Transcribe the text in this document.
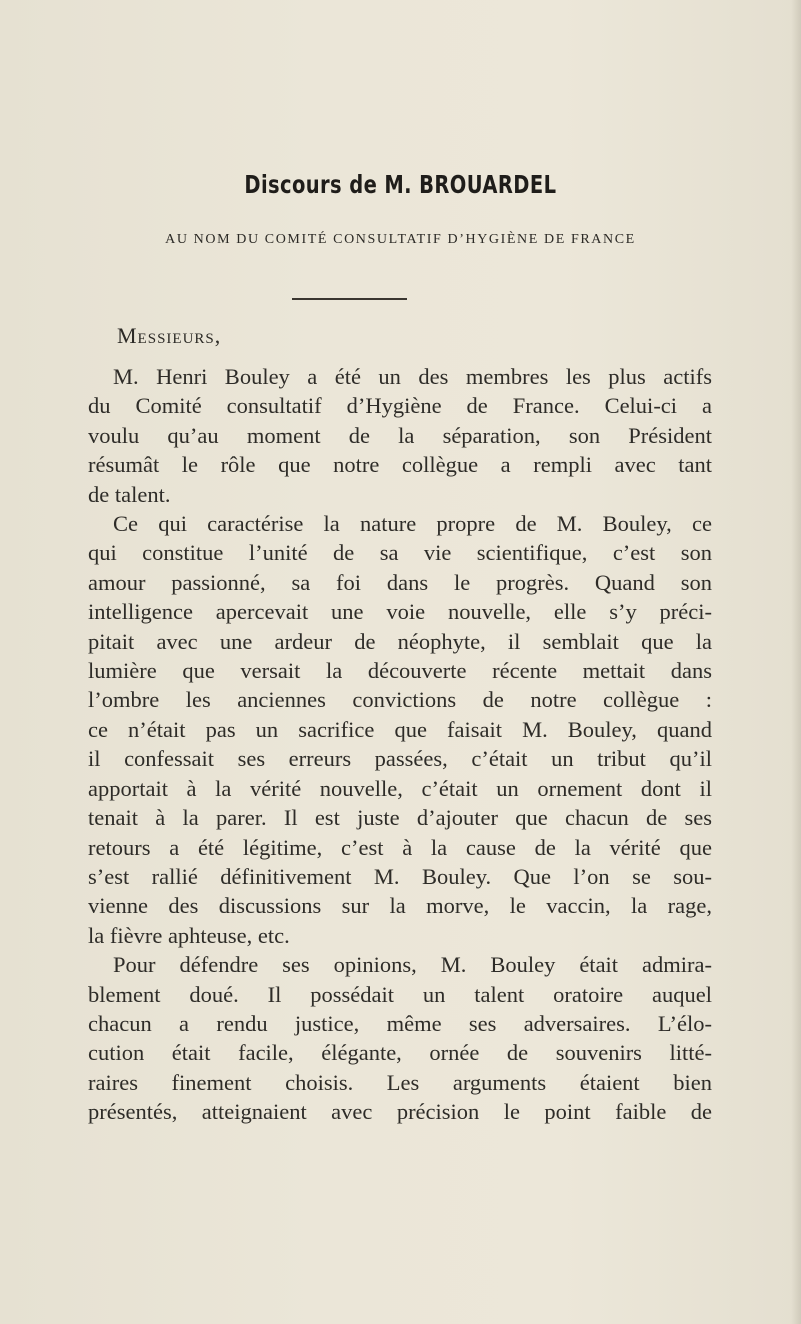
Discours de M. BROUARDEL
AU NOM DU COMITÉ CONSULTATIF D’HYGIÈNE DE FRANCE
Messieurs,
M. Henri Bouley a été un des membres les plus actifs
du Comité consultatif d’Hygiène de France. Celui-ci a
voulu qu’au moment de la séparation, son Président
résumât le rôle que notre collègue a rempli avec tant
de talent.
Ce qui caractérise la nature propre de M. Bouley, ce
qui constitue l’unité de sa vie scientifique, c’est son
amour passionné, sa foi dans le progrès. Quand son
intelligence apercevait une voie nouvelle, elle s’y préci-
pitait avec une ardeur de néophyte, il semblait que la
lumière que versait la découverte récente mettait dans
l’ombre les anciennes convictions de notre collègue :
ce n’était pas un sacrifice que faisait M. Bouley, quand
il confessait ses erreurs passées, c’était un tribut qu’il
apportait à la vérité nouvelle, c’était un ornement dont il
tenait à la parer. Il est juste d’ajouter que chacun de ses
retours a été légitime, c’est à la cause de la vérité que
s’est rallié définitivement M. Bouley. Que l’on se sou-
vienne des discussions sur la morve, le vaccin, la rage,
la fièvre aphteuse, etc.
Pour défendre ses opinions, M. Bouley était admira-
blement doué. Il possédait un talent oratoire auquel
chacun a rendu justice, même ses adversaires. L’élo-
cution était facile, élégante, ornée de souvenirs litté-
raires finement choisis. Les arguments étaient bien
présentés, atteignaient avec précision le point faible de
